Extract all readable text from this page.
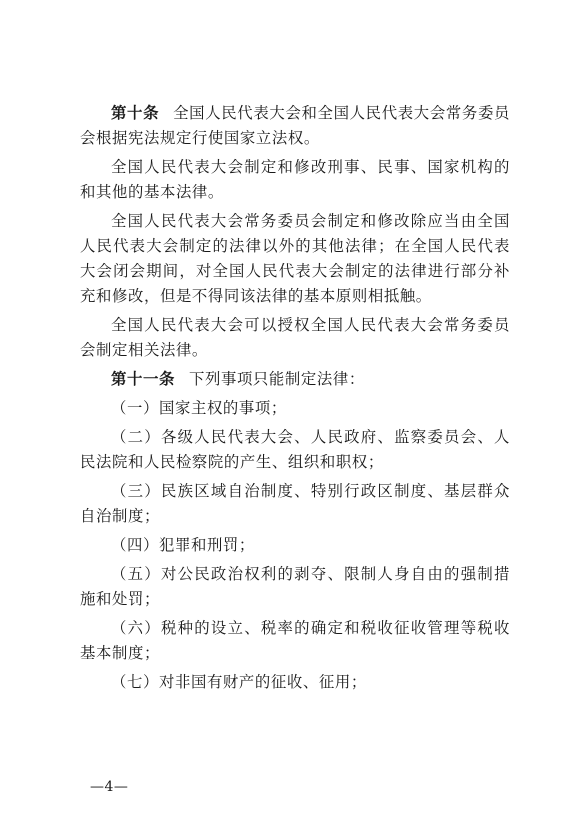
第十条 全国人民代表大会和全国人民代表大会常务委员会根据宪法规定行使国家立法权。

全国人民代表大会制定和修改刑事、民事、国家机构的和其他的基本法律。

全国人民代表大会常务委员会制定和修改除应当由全国人民代表大会制定的法律以外的其他法律；在全国人民代表大会闭会期间，对全国人民代表大会制定的法律进行部分补充和修改，但是不得同该法律的基本原则相抵触。

全国人民代表大会可以授权全国人民代表大会常务委员会制定相关法律。

第十一条 下列事项只能制定法律：

（一）国家主权的事项；

（二）各级人民代表大会、人民政府、监察委员会、人民法院和人民检察院的产生、组织和职权；

（三）民族区域自治制度、特别行政区制度、基层群众自治制度；

（四）犯罪和刑罚；

（五）对公民政治权利的剥夺、限制人身自由的强制措施和处罚；

（六）税种的设立、税率的确定和税收征收管理等税收基本制度；

（七）对非国有财产的征收、征用；

—4—
